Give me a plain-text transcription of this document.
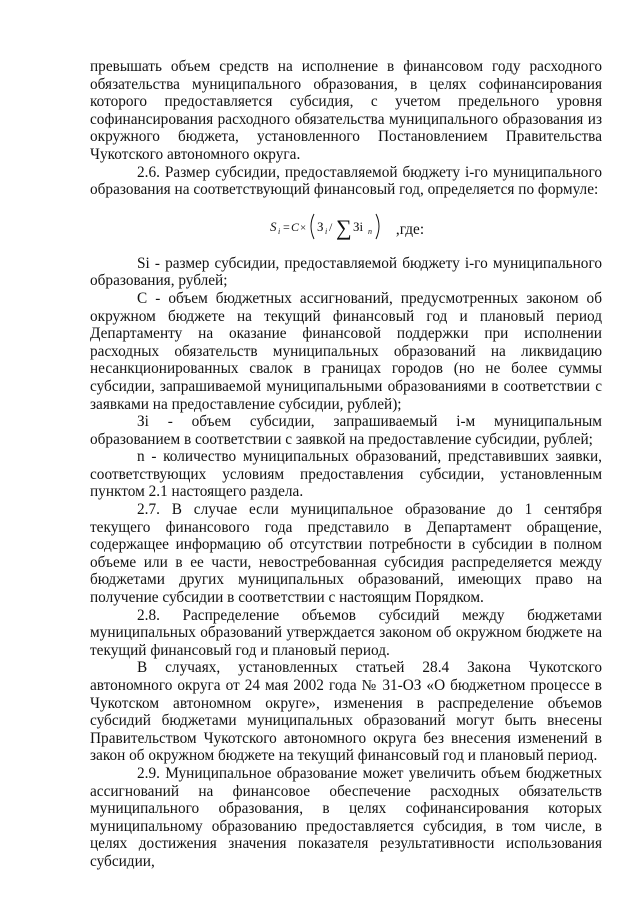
превышать объем средств на исполнение в финансовом году расходного обязательства муниципального образования, в целях софинансирования которого предоставляется субсидия, с учетом предельного уровня софинансирования расходного обязательства муниципального образования из окружного бюджета, установленного Постановлением Правительства Чукотского автономного округа.

2.6. Размер субсидии, предоставляемой бюджету i-го муниципального образования на соответствующий финансовый год, определяется по формуле:

S i = C × З i / ∑ Зi n ,где:

Si - размер субсидии, предоставляемой бюджету i-го муниципального образования, рублей;

С - объем бюджетных ассигнований, предусмотренных законом об окружном бюджете на текущий финансовый год и плановый период Департаменту на оказание финансовой поддержки при исполнении расходных обязательств муниципальных образований на ликвидацию несанкционированных свалок в границах городов (но не более суммы субсидии, запрашиваемой муниципальными образованиями в соответствии с заявками на предоставление субсидии, рублей);

Зi - объем субсидии, запрашиваемый i-м муниципальным образованием в соответствии с заявкой на предоставление субсидии, рублей;

n - количество муниципальных образований, представивших заявки, соответствующих условиям предоставления субсидии, установленным пунктом 2.1 настоящего раздела.

2.7. В случае если муниципальное образование до 1 сентября текущего финансового года представило в Департамент обращение, содержащее информацию об отсутствии потребности в субсидии в полном объеме или в ее части, невостребованная субсидия распределяется между бюджетами других муниципальных образований, имеющих право на получение субсидии в соответствии с настоящим Порядком.

2.8. Распределение объемов субсидий между бюджетами муниципальных образований утверждается законом об окружном бюджете на текущий финансовый год и плановый период.

В случаях, установленных статьей 28.4 Закона Чукотского автономного округа от 24 мая 2002 года № 31-ОЗ «О бюджетном процессе в Чукотском автономном округе», изменения в распределение объемов субсидий бюджетами муниципальных образований могут быть внесены Правительством Чукотского автономного округа без внесения изменений в закон об окружном бюджете на текущий финансовый год и плановый период.

2.9. Муниципальное образование может увеличить объем бюджетных ассигнований на финансовое обеспечение расходных обязательств муниципального образования, в целях софинансирования которых муниципальному образованию предоставляется субсидия, в том числе, в целях достижения значения показателя результативности использования субсидии,
